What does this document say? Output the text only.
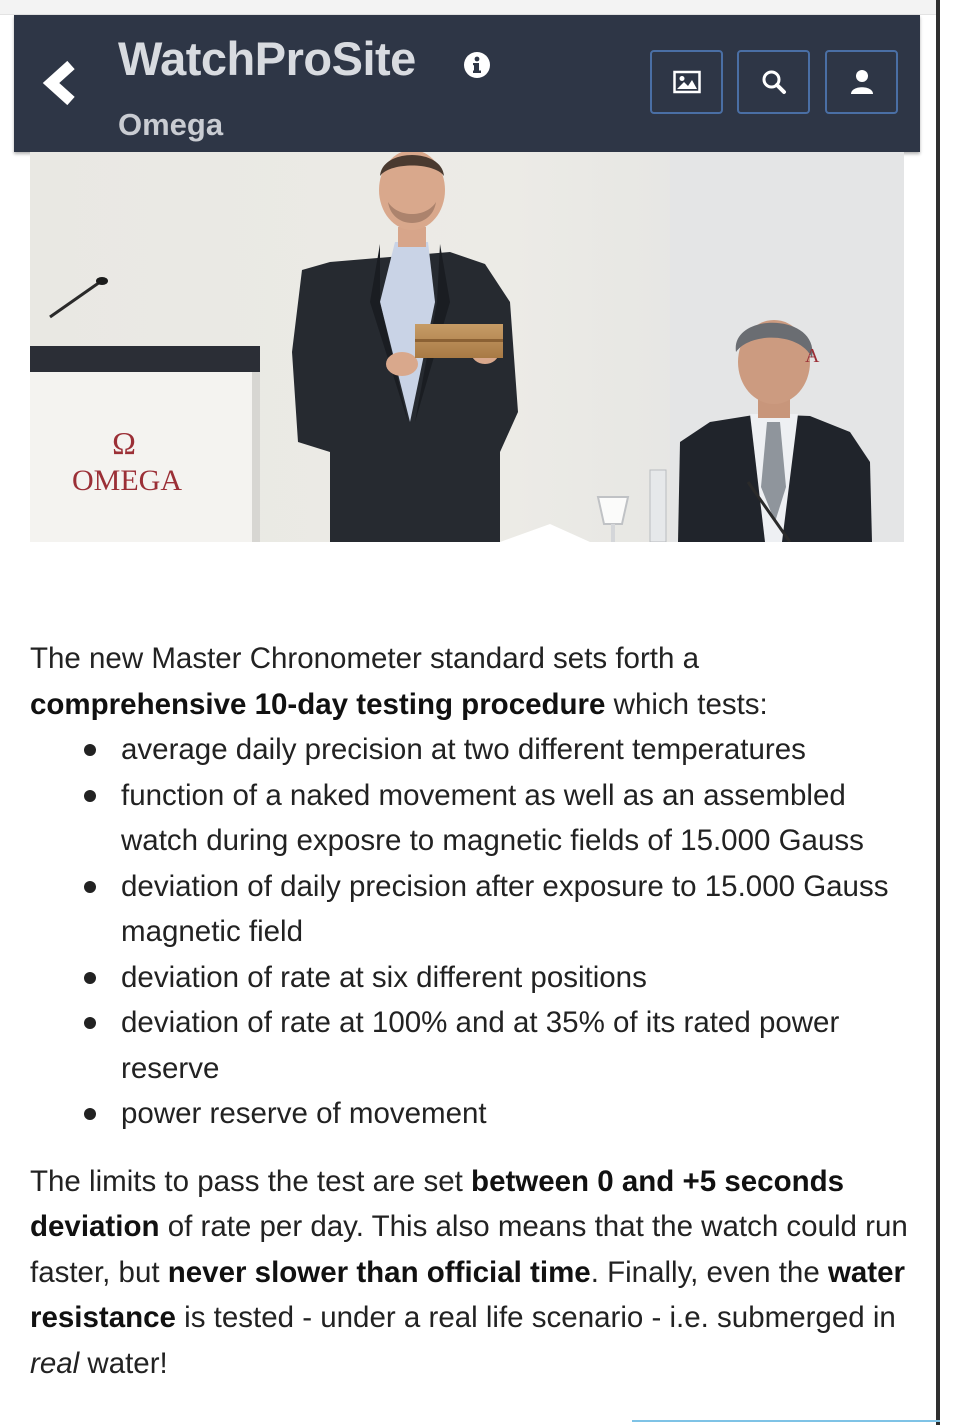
WatchProSite
Omega
Ω
OMEGA
A

The new Master Chronometer standard sets forth a comprehensive 10-day testing procedure which tests:

average daily precision at two different temperatures
function of a naked movement as well as an assembled watch during exposre to magnetic fields of 15.000 Gauss
deviation of daily precision after exposure to 15.000 Gauss magnetic field
deviation of rate at six different positions
deviation of rate at 100% and at 35% of its rated power reserve
power reserve of movement

The limits to pass the test are set between 0 and +5 seconds deviation of rate per day. This also means that the watch could run faster, but never slower than official time. Finally, even the water resistance is tested - under a real life scenario - i.e. submerged in real water!
